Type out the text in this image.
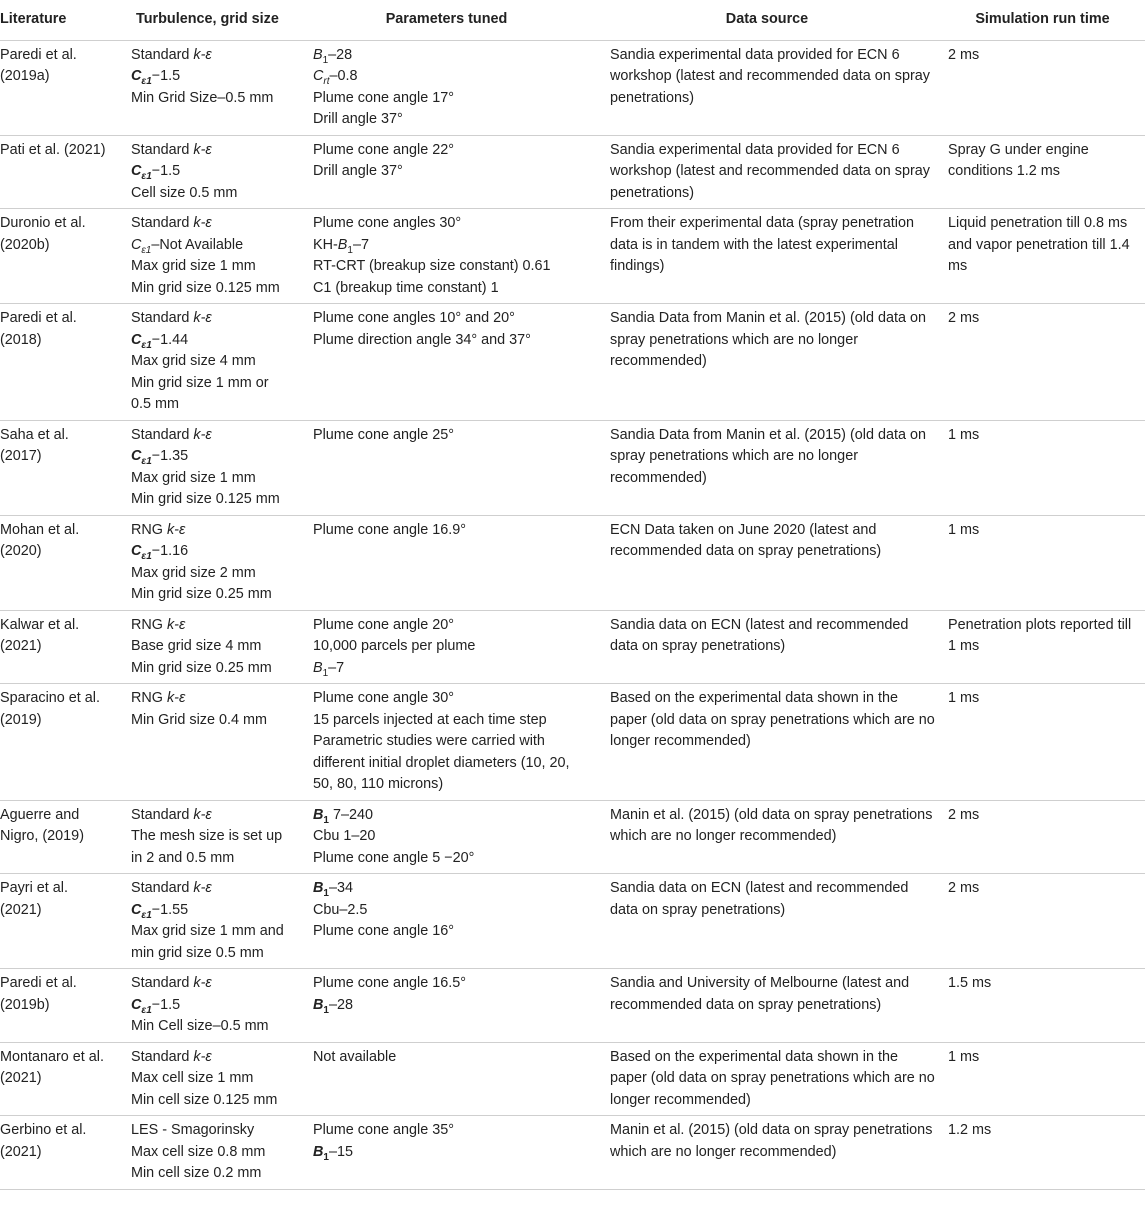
Literature	Turbulence, grid size	Parameters tuned	Data source	Simulation run time

Paredi et al.
(2019a)	Standard k-ε
$C_{\varepsilon 1}-1.5$
Min Grid Size–0.5 mm	$B_1-28$
$C_{rt}-0.8$
Plume cone angle 17°
Drill angle 37°	Sandia experimental data provided for ECN 6 workshop (latest and recommended data on spray penetrations)	2 ms

Pati et al. (2021)	Standard k-ε
$C_{\varepsilon 1}-1.5$
Cell size 0.5 mm	Plume cone angle 22°
Drill angle 37°	Sandia experimental data provided for ECN 6 workshop (latest and recommended data on spray penetrations)	Spray G under engine conditions 1.2 ms

Duronio et al.
(2020b)	Standard k-ε
$C_{\varepsilon 1}$–Not Available
Max grid size 1 mm
Min grid size 0.125 mm	Plume cone angles 30°
$KH-B_1-7$
RT-CRT (breakup size constant) 0.61
C1 (breakup time constant) 1	From their experimental data (spray penetration data is in tandem with the latest experimental findings)	Liquid penetration till 0.8 ms and vapor penetration till 1.4 ms

Paredi et al.
(2018)	Standard k-ε
$C_{\varepsilon 1}-1.44$
Max grid size 4 mm
Min grid size 1 mm or
0.5 mm	Plume cone angles 10° and 20°
Plume direction angle 34° and 37°	Sandia Data from Manin et al. (2015) (old data on spray penetrations which are no longer recommended)	2 ms

Saha et al.
(2017)	Standard k-ε
$C_{\varepsilon 1}-1.35$
Max grid size 1 mm
Min grid size 0.125 mm	Plume cone angle 25°	Sandia Data from Manin et al. (2015) (old data on spray penetrations which are no longer recommended)	1 ms

Mohan et al.
(2020)	RNG k-ε
$C_{\varepsilon 1}-1.16$
Max grid size 2 mm
Min grid size 0.25 mm	Plume cone angle 16.9°	ECN Data taken on June 2020 (latest and recommended data on spray penetrations)	1 ms

Kalwar et al.
(2021)	RNG k-ε
Base grid size 4 mm
Min grid size 0.25 mm	Plume cone angle 20°
10,000 parcels per plume
$B_1-7$	Sandia data on ECN (latest and recommended data on spray penetrations)	Penetration plots reported till 1 ms

Sparacino et al.
(2019)	RNG k-ε
Min Grid size 0.4 mm	Plume cone angle 30°
15 parcels injected at each time step
Parametric studies were carried with
different initial droplet diameters (10, 20,
50, 80, 110 microns)	Based on the experimental data shown in the paper (old data on spray penetrations which are no longer recommended)	1 ms

Aguerre and
Nigro, (2019)	Standard k-ε
The mesh size is set up
in 2 and 0.5 mm	$B_1$ 7–240
Cbu 1–20
Plume cone angle 5 −20°	Manin et al. (2015) (old data on spray penetrations which are no longer recommended)	2 ms

Payri et al.
(2021)	Standard k-ε
$C_{\varepsilon 1}-1.55$
Max grid size 1 mm and
min grid size 0.5 mm	$B_1-34$
Cbu–2.5
Plume cone angle 16°	Sandia data on ECN (latest and recommended data on spray penetrations)	2 ms

Paredi et al.
(2019b)	Standard k-ε
$C_{\varepsilon 1}-1.5$
Min Cell size–0.5 mm	Plume cone angle 16.5°
$B_1-28$	Sandia and University of Melbourne (latest and recommended data on spray penetrations)	1.5 ms

Montanaro et al.
(2021)	Standard k-ε
Max cell size 1 mm
Min cell size 0.125 mm	Not available	Based on the experimental data shown in the paper (old data on spray penetrations which are no longer recommended)	1 ms

Gerbino et al.
(2021)	LES - Smagorinsky
Max cell size 0.8 mm
Min cell size 0.2 mm	Plume cone angle 35°
$B_1-15$	Manin et al. (2015) (old data on spray penetrations which are no longer recommended)	1.2 ms
